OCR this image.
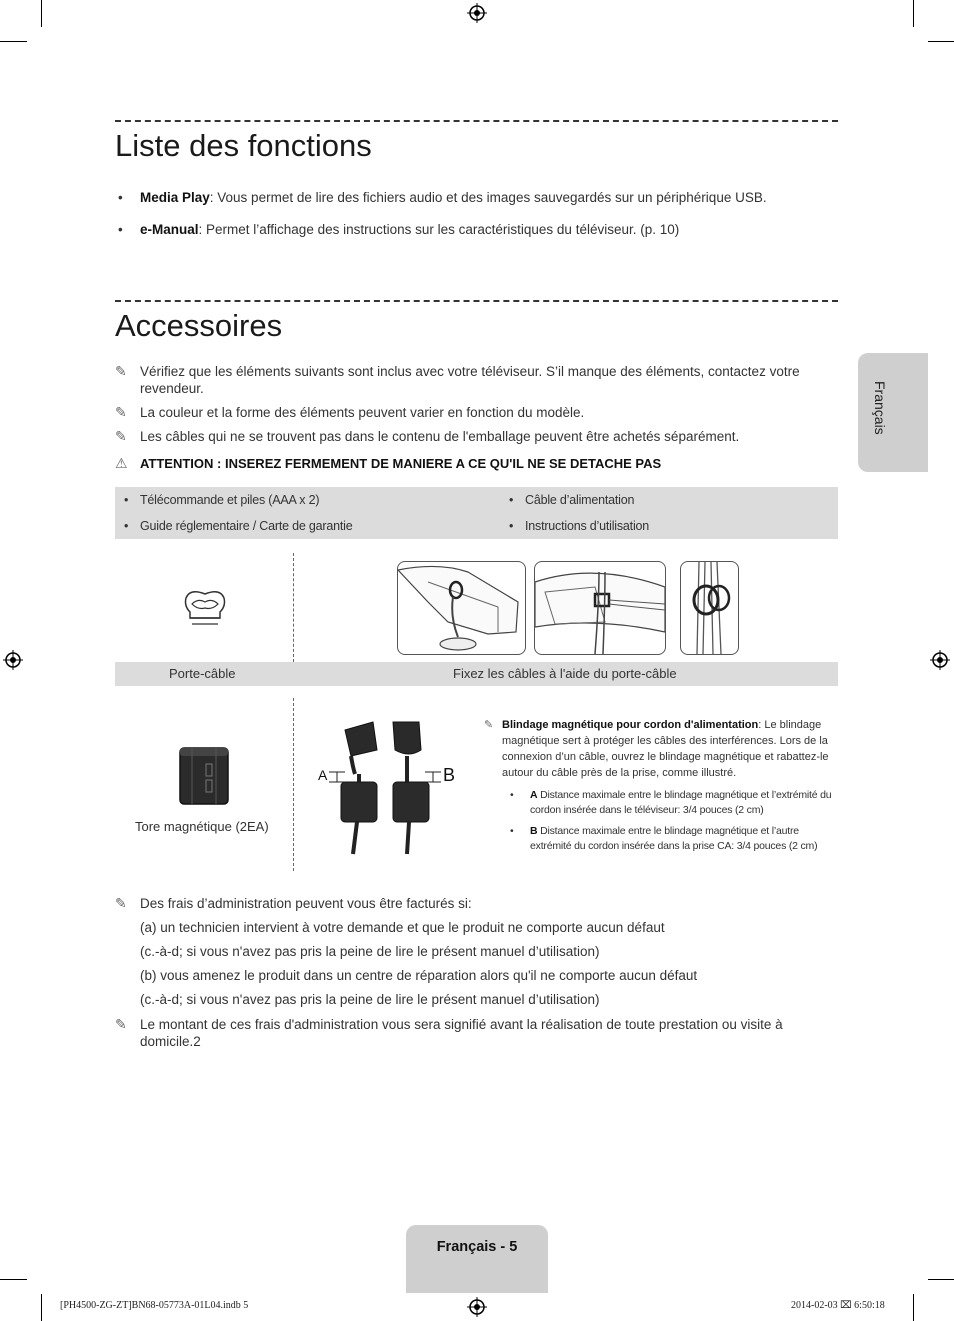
Liste des fonctions
• Media Play: Vous permet de lire des fichiers audio et des images sauvegardés sur un périphérique USB.
• e-Manual: Permet l’affichage des instructions sur les caractéristiques du téléviseur. (p. 10)
Accessoires
✎ Vérifiez que les éléments suivants sont inclus avec votre téléviseur. S’il manque des éléments, contactez votre revendeur.
✎ La couleur et la forme des éléments peuvent varier en fonction du modèle.
✎ Les câbles qui ne se trouvent pas dans le contenu de l'emballage peuvent être achetés séparément.
⚠ ATTENTION : INSEREZ FERMEMENT DE MANIERE A CE QU'IL NE SE DETACHE PAS
• Télécommande et piles (AAA x 2)	• Câble d’alimentation
• Guide réglementaire / Carte de garantie	• Instructions d’utilisation
Porte-câble	Fixez les câbles à l'aide du porte-câble
Tore magnétique (2EA)
A	B
✎ Blindage magnétique pour cordon d'alimentation: Le blindage magnétique sert à protéger les câbles des interférences. Lors de la connexion d’un câble, ouvrez le blindage magnétique et rabattez-le autour du câble près de la prise, comme illustré.
• A Distance maximale entre le blindage magnétique et l’extrémité du cordon insérée dans le téléviseur: 3/4 pouces (2 cm)
• B Distance maximale entre le blindage magnétique et l’autre extrémité du cordon insérée dans la prise CA: 3/4 pouces (2 cm)
✎ Des frais d’administration peuvent vous être facturés si:
(a) un technicien intervient à votre demande et que le produit ne comporte aucun défaut
(c.-à-d; si vous n'avez pas pris la peine de lire le présent manuel d’utilisation)
(b) vous amenez le produit dans un centre de réparation alors qu'il ne comporte aucun défaut
(c.-à-d; si vous n'avez pas pris la peine de lire le présent manuel d’utilisation)
✎ Le montant de ces frais d'administration vous sera signifié avant la réalisation de toute prestation ou visite à domicile.2
Français
Français - 5
[PH4500-ZG-ZT]BN68-05773A-01L04.indb 5	2014-02-03 ⌧ 6:50:18
